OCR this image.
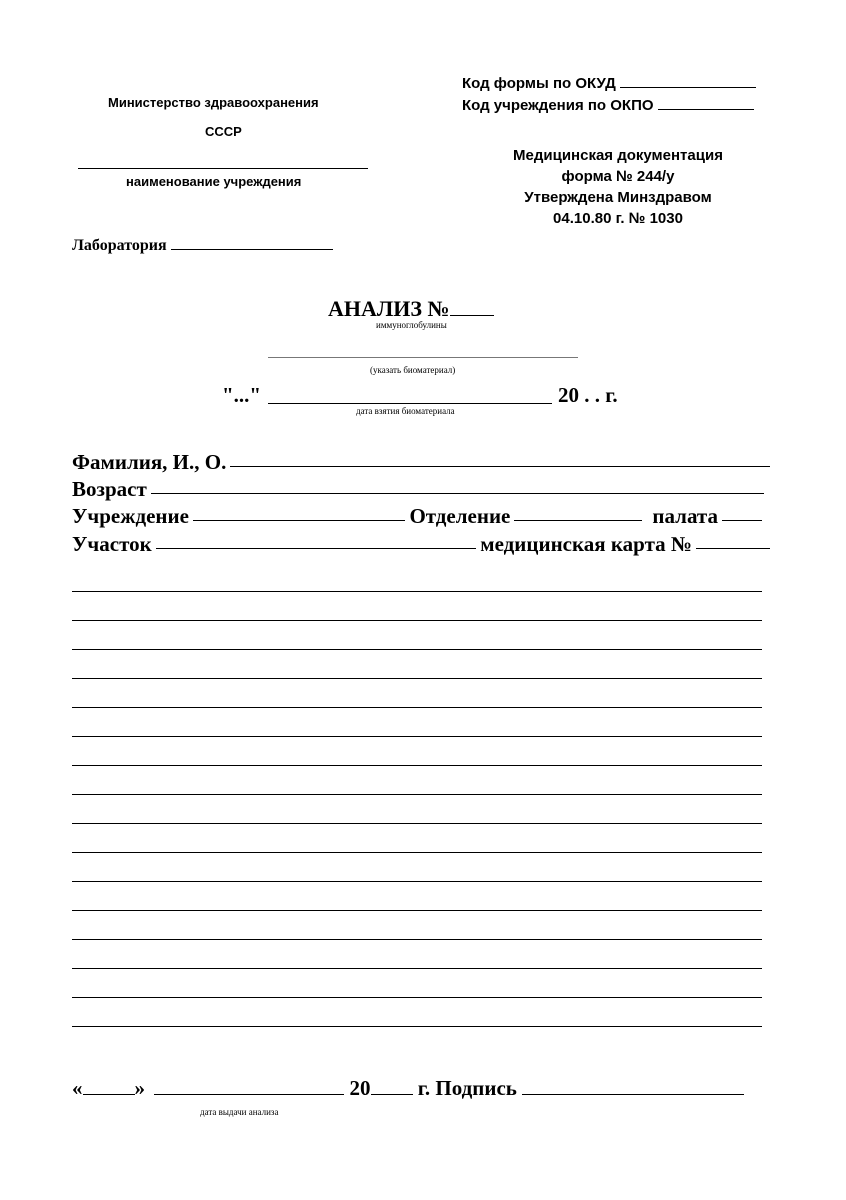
Министерство здравоохранения
СССР
наименование учреждения
Код формы по ОКУД
Код учреждения по ОКПО
Медицинская документация
форма № 244/у
Утверждена Минздравом
04.10.80 г. № 1030
Лаборатория
АНАЛИЗ №
иммуноглобулины
(указать биоматериал)
"..."	20 . . г.
дата взятия биоматериала
Фамилия, И., О.
Возраст
Учреждение	Отделение	палата
Участок	медицинская карта №
« »	20 г. Подпись
дата выдачи анализа
